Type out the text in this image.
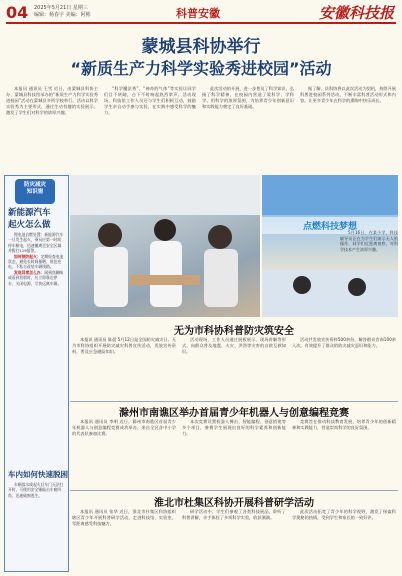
04 2025年5月21日 星期三
编辑：杨春宇 美编：阿彬	科普安徽	安徽科技报
蒙城县科协举行
“新质生产力科学实验秀进校园”活动

本报讯 通讯员 王雪 近日，由蒙城县科协主办、蒙城县科技馆承办的“新质生产力科学实验秀进校园”活动在蒙城县多所学校举行。活动以科学实验秀为主要形式，通过生动有趣的实验展示，激发了学生们对科学的浓厚兴趣。

“科学魔法秀”、“神奇的气体”等实验让同学们目不转睛，台下不时响起热烈掌声。活动现场，科技馆工作人员还与学生们积极互动，鼓励学生亲自动手参与实验，在实践中感受科学的魅力。

此次活动的开展，进一步普及了科学知识，弘扬了科学精神，在校园内营造了爱科学、学科学、用科学的浓厚氛围，为培养青少年创新意识和实践能力奠定了良好基础。

据了解，县科协将以此次活动为契机，持续开展科普进校园系列活动，不断丰富科普活动形式和内容，让更多青少年在科学的熏陶中快乐成长。

防灾减灾
知识窗
新能源汽车
起火怎么做

锂电池自燃处置：新能源汽车一旦发生起火，乘员应第一时间停车断电，迅速撤离至安全区域并拨打119报警。

如何预防起火：定期检查电池状态，避免长时间暴晒，规范充电，不私自改装车辆线路。

发现异常怎么办：闻到焦糊味或看到冒烟时，应立即靠边停车，关闭电源，尽快远离车辆。

车内如何快速脱困

车辆落水或起火后车门无法打开时，可使用安全锤敲击车窗四角，迅速破窗逃生。

点燃科技梦想

5月16日，在某小学，科技辅导员正在为学生们演示无人机操作，同学们近距离观察，对科学技术产生浓厚兴趣。

无为市科协科普防灾筑安全

本报讯 通讯员 陈晨 5月12日是全国防灾减灾日。无为市科协组织开展防灾减灾科普宣传活动，发放宣传资料，普及应急避险知识。

活动现场，工作人员通过展板展示、现场讲解等形式，向群众普及地震、火灾、洪涝等灾害的自救互救知识。

活动共发放宣传资料500余份，解答群众咨询100余人次，有效提升了群众的防灾减灾意识和能力。

滁州市南谯区举办首届青少年机器人与创意编程竞赛

本报讯 通讯员 李明 近日，滁州市南谯区首届青少年机器人与创意编程竞赛成功举办，来自全区各中小学的代表队参加比赛。

本次竞赛设置机器人搏击、智能编程、创意搭建等多个项目，参赛学生展现出良好的科学素养和创新能力。

竞赛旨在推动科技教育发展，培养青少年的创新精神和实践能力，营造崇尚科学的良好氛围。

淮北市杜集区科协开展科普研学活动

本报讯 通讯员 张华 近日，淮北市杜集区科协组织辖区青少年开展科普研学活动，走进科技馆、实验室，零距离感受科技魅力。

研学活动中，学生们参观了各类科技展品，聆听了科普讲解，亲手体验了多项科学实验，收获满满。

此次活动拓宽了青少年的科学视野，激发了探索科学奥秘的热情，受到学生和家长的一致好评。
